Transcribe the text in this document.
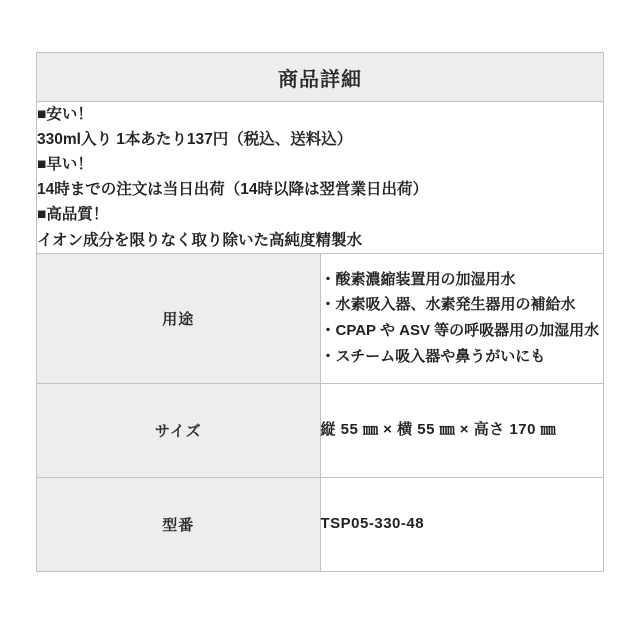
商品詳細	

■安い！
330ml入り 1本あたり137円（税込、送料込）
■早い！
14時までの注文は当日出荷（14時以降は翌営業日出荷）
■高品質！
イオン成分を限りなく取り除いた高純度精製水

用途	
・酸素濃縮装置用の加湿用水
・水素吸入器、水素発生器用の補給水
・CPAP や ASV 等の呼吸器用の加湿用水
・スチーム吸入器や鼻うがいにも

サイズ	縦 55 ㎜ × 横 55 ㎜ × 高さ 170 ㎜

型番	TSP05-330-48
